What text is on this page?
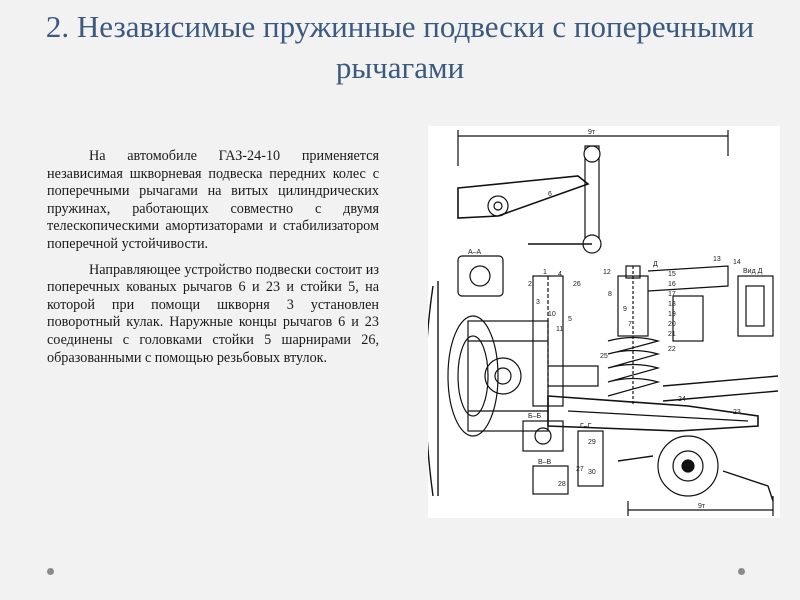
2. Независимые пружинные подвески с поперечными рычагами

На автомобиле ГАЗ-24-10 применяется независимая шкворневая подвеска передних колес с поперечными рычагами на витых цилиндрических пружинах, работающих совместно с двумя телескопическими амортизаторами и стабилизатором поперечной устойчивости.

Направляющее устройство подвески состоит из поперечных кованых рычагов 6 и 23 и стойки 5, на которой при помощи шкворня 3 установлен поворотный кулак. Наружные концы рычагов 6 и 23 соединены с головками стойки 5 шарнирами 26, образованными с помощью резьбовых втулок.

9т
9т
А–А
Б–Б
В–В
Г–Г
Вид Д
Д
1
2
3
4
5
6
7
8
9
10
11
12
13 14
15
16
17
18
19
20
21
22
23
24
25
26
27
28
29
30
